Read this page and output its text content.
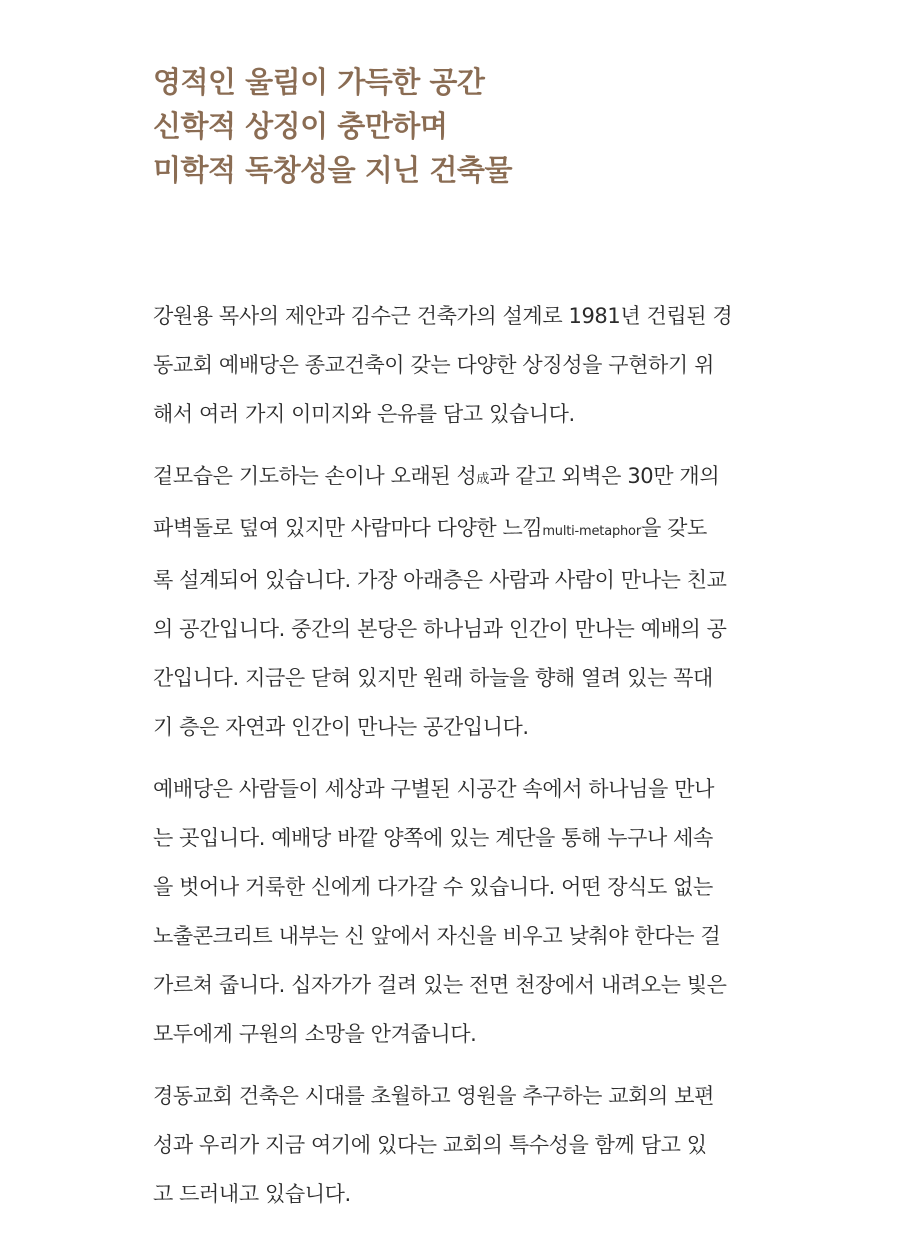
영적인 울림이 가득한 공간
신학적 상징이 충만하며
미학적 독창성을 지닌 건축물

강원용 목사의 제안과 김수근 건축가의 설계로 1981년 건립된 경
동교회 예배당은 종교건축이 갖는 다양한 상징성을 구현하기 위
해서 여러 가지 이미지와 은유를 담고 있습니다.

겉모습은 기도하는 손이나 오래된 성成과 같고 외벽은 30만 개의
파벽돌로 덮여 있지만 사람마다 다양한 느낌multi-metaphor을 갖도
록 설계되어 있습니다. 가장 아래층은 사람과 사람이 만나는 친교
의 공간입니다. 중간의 본당은 하나님과 인간이 만나는 예배의 공
간입니다. 지금은 닫혀 있지만 원래 하늘을 향해 열려 있는 꼭대
기 층은 자연과 인간이 만나는 공간입니다.

예배당은 사람들이 세상과 구별된 시공간 속에서 하나님을 만나
는 곳입니다. 예배당 바깥 양쪽에 있는 계단을 통해 누구나 세속
을 벗어나 거룩한 신에게 다가갈 수 있습니다. 어떤 장식도 없는
노출콘크리트 내부는 신 앞에서 자신을 비우고 낮춰야 한다는 걸
가르쳐 줍니다. 십자가가 걸려 있는 전면 천장에서 내려오는 빛은
모두에게 구원의 소망을 안겨줍니다.

경동교회 건축은 시대를 초월하고 영원을 추구하는 교회의 보편
성과 우리가 지금 여기에 있다는 교회의 특수성을 함께 담고 있
고 드러내고 있습니다.
